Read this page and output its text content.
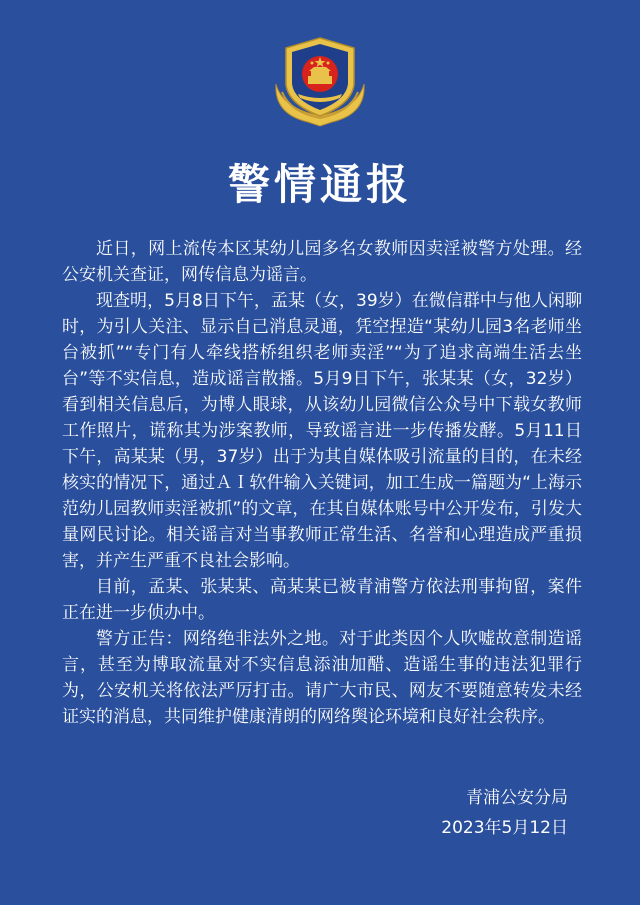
警情通报

近日，网上流传本区某幼儿园多名女教师因卖淫被警方处理。经公安机关查证，网传信息为谣言。

现查明，5月8日下午，孟某（女，39岁）在微信群中与他人闲聊时，为引人关注、显示自己消息灵通，凭空捏造“某幼儿园3名老师坐台被抓”“专门有人牵线搭桥组织老师卖淫”“为了追求高端生活去坐台”等不实信息，造成谣言散播。5月9日下午，张某某（女，32岁）看到相关信息后，为博人眼球，从该幼儿园微信公众号中下载女教师工作照片，谎称其为涉案教师，导致谣言进一步传播发酵。5月11日下午，高某某（男，37岁）出于为其自媒体吸引流量的目的，在未经核实的情况下，通过ＡＩ软件输入关键词，加工生成一篇题为“上海示范幼儿园教师卖淫被抓”的文章，在其自媒体账号中公开发布，引发大量网民讨论。相关谣言对当事教师正常生活、名誉和心理造成严重损害，并产生严重不良社会影响。

目前，孟某、张某某、高某某已被青浦警方依法刑事拘留，案件正在进一步侦办中。

警方正告：网络绝非法外之地。对于此类因个人吹嘘故意制造谣言，甚至为博取流量对不实信息添油加醋、造谣生事的违法犯罪行为，公安机关将依法严厉打击。请广大市民、网友不要随意转发未经证实的消息，共同维护健康清朗的网络舆论环境和良好社会秩序。

青浦公安分局
2023年5月12日
